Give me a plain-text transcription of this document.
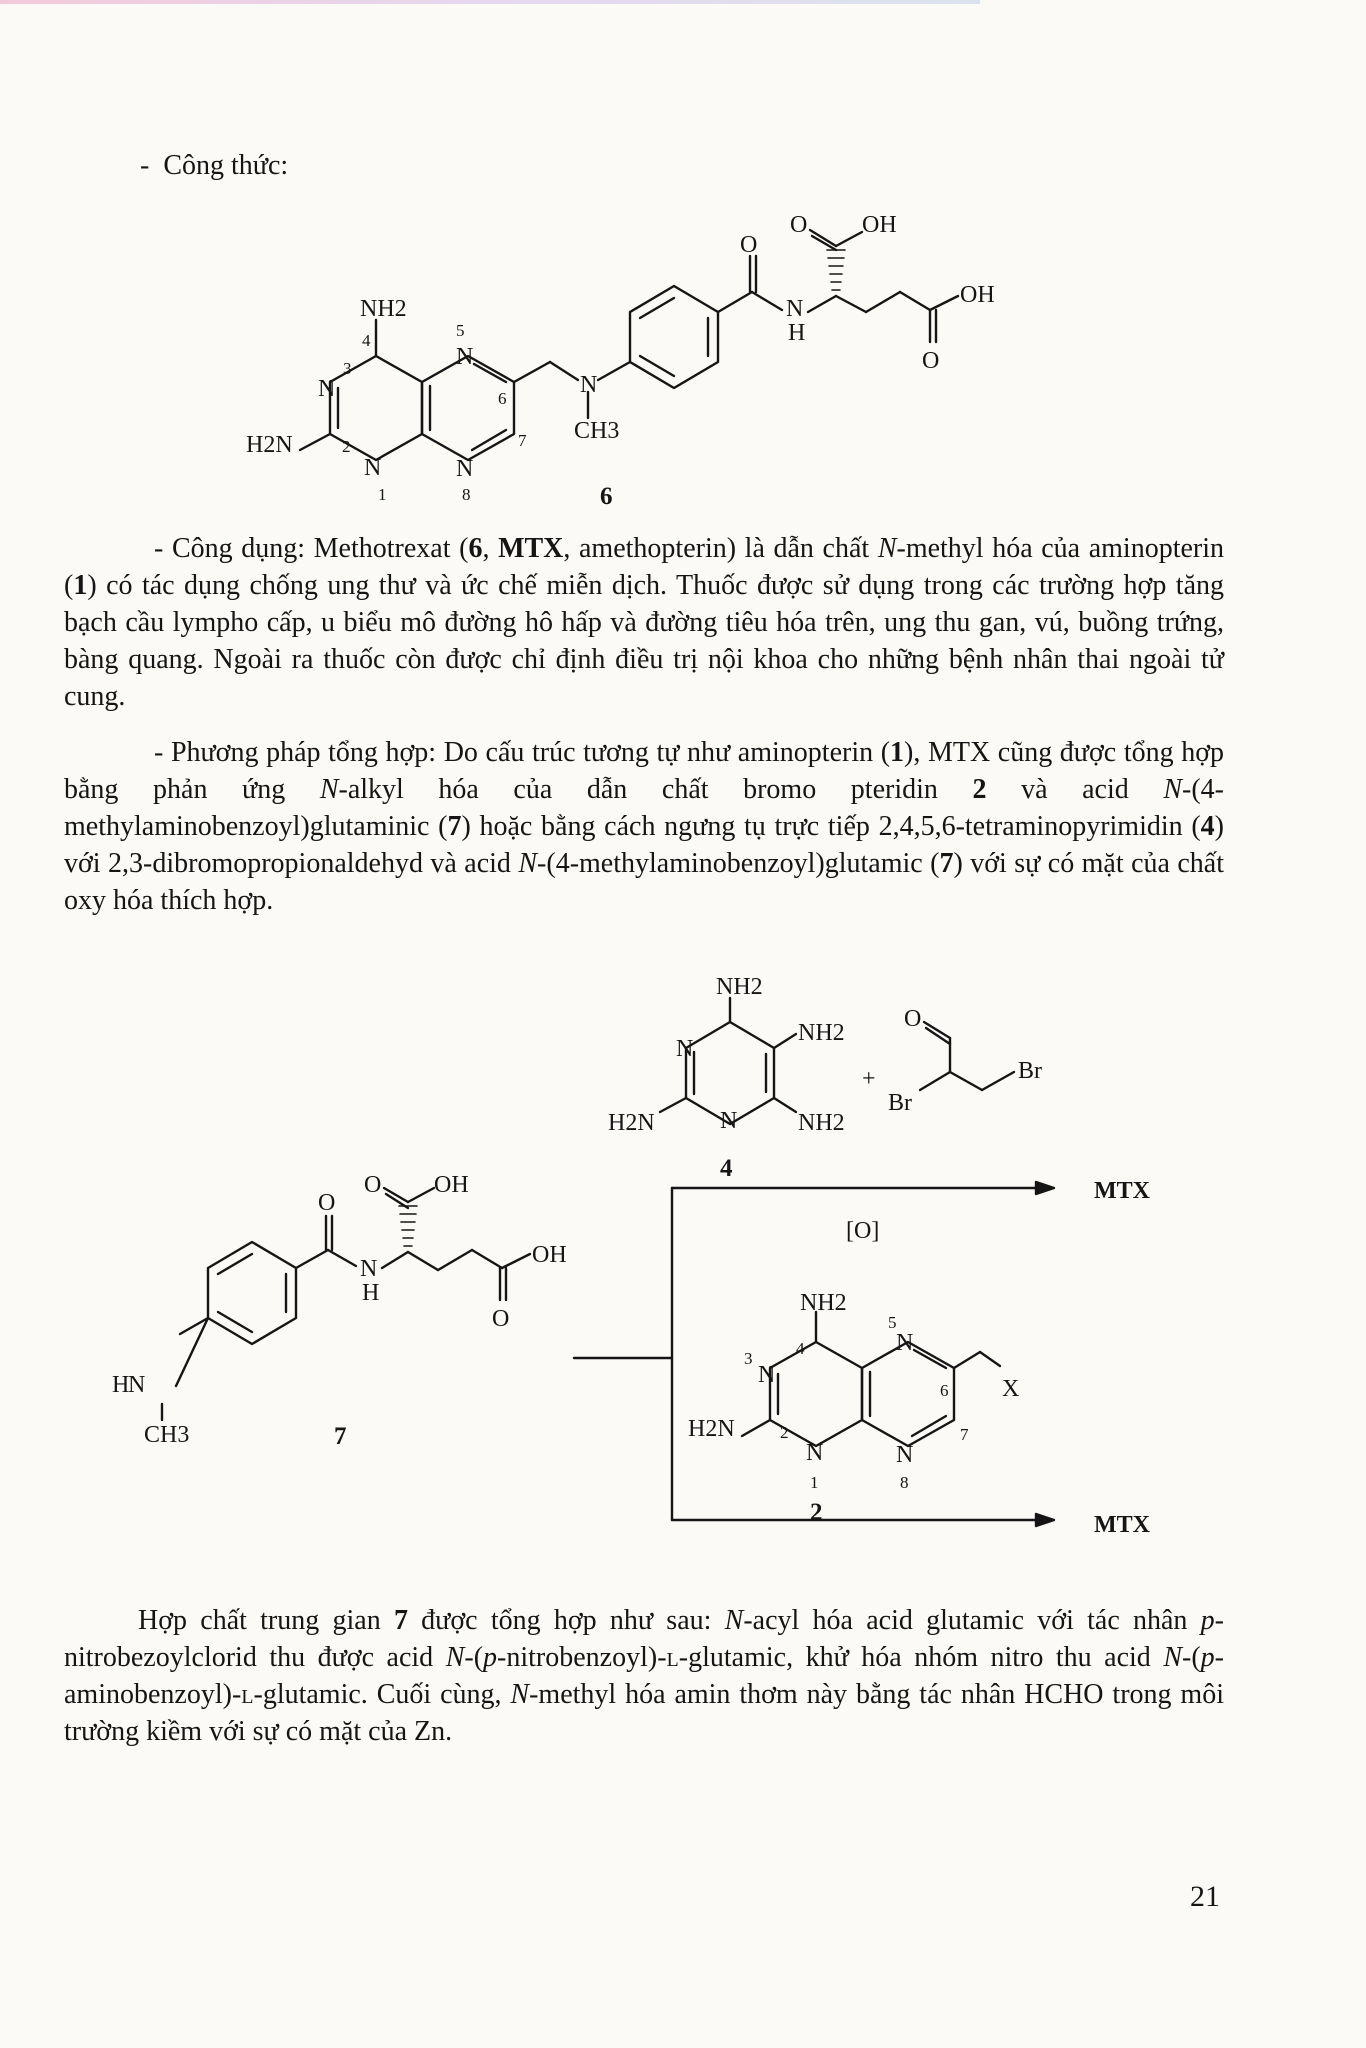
- Công thức:
NH2
H2N
N
N
N
N
N
CH3
O
N
H
O OH
OH
O
3
4
5
6
7
2
1	8	6
NH2
NH2
NH2
H2N
N
N
4
+
O
Br
Br
N
H
CH3
O
N
H
O OH
OH
O
7
MTX
[O]
MTX
NH2
H2N
N
N
N
N
X
3
4
5
6
7
2
1	8
2
- Công dụng: Methotrexat (6, MTX, amethopterin) là dẫn chất N-methyl hóa của aminopterin (1) có tác dụng chống ung thư và ức chế miễn dịch. Thuốc được sử dụng trong các trường hợp tăng bạch cầu lympho cấp, u biểu mô đường hô hấp và đường tiêu hóa trên, ung thu gan, vú, buồng trứng, bàng quang. Ngoài ra thuốc còn được chỉ định điều trị nội khoa cho những bệnh nhân thai ngoài tử cung.
- Phương pháp tổng hợp: Do cấu trúc tương tự như aminopterin (1), MTX cũng được tổng hợp bằng phản ứng N-alkyl hóa của dẫn chất bromo pteridin 2 và acid N-(4-methylaminobenzoyl)glutaminic (7) hoặc bằng cách ngưng tụ trực tiếp 2,4,5,6-tetraminopyrimidin (4) với 2,3-dibromopropionaldehyd và acid N-(4-methylaminobenzoyl)glutamic (7) với sự có mặt của chất oxy hóa thích hợp.
Hợp chất trung gian 7 được tổng hợp như sau: N-acyl hóa acid glutamic với tác nhân p-nitrobezoylclorid thu được acid N-(p-nitrobenzoyl)-l-glutamic, khử hóa nhóm nitro thu acid N-(p-aminobenzoyl)-l-glutamic. Cuối cùng, N-methyl hóa amin thơm này bằng tác nhân HCHO trong môi trường kiềm với sự có mặt của Zn.
21
